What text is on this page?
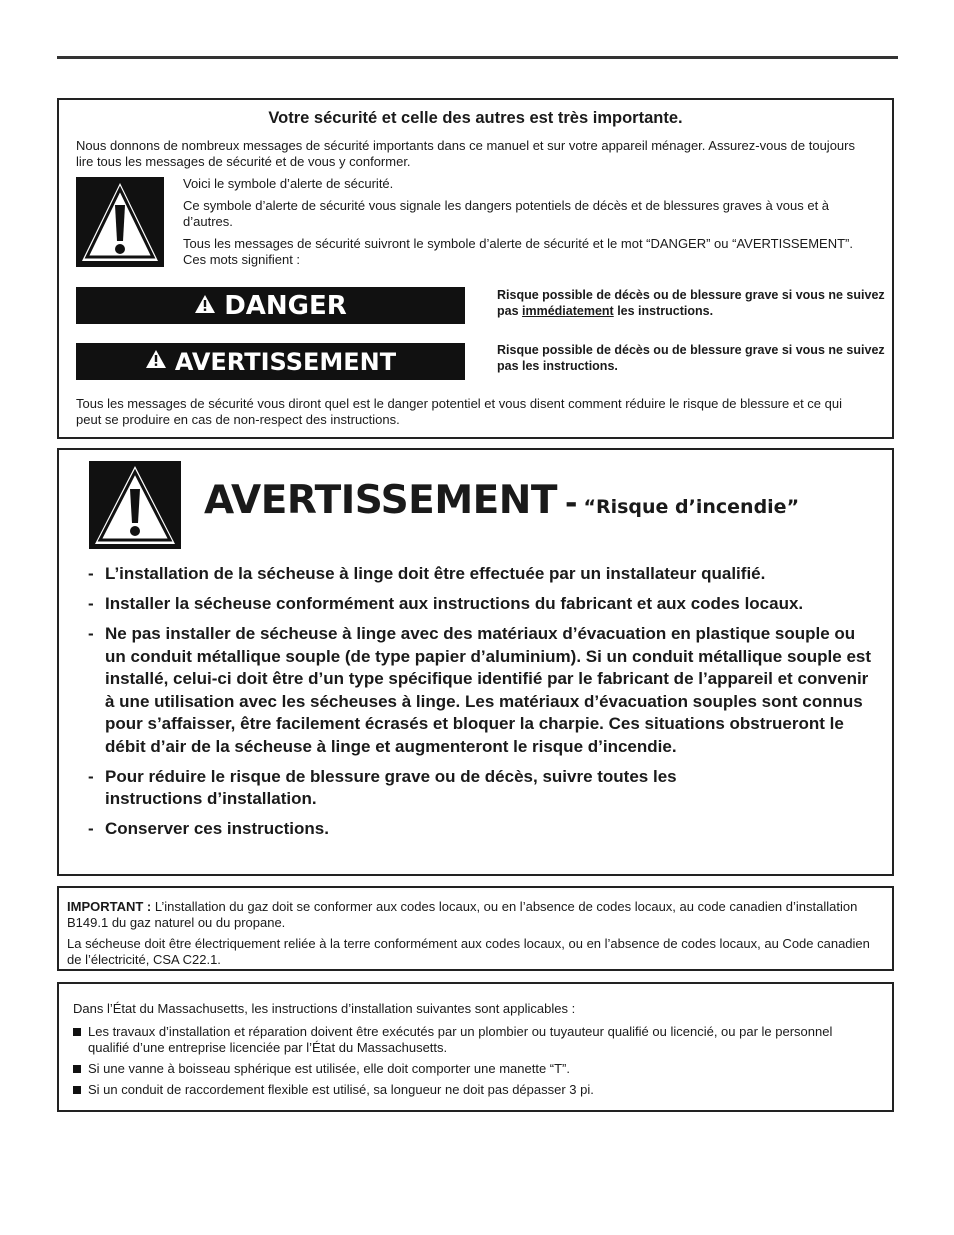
Votre sécurité et celle des autres est très importante.
Nous donnons de nombreux messages de sécurité importants dans ce manuel et sur votre appareil ménager. Assurez-vous de toujours lire tous les messages de sécurité et de vous y conformer.

Voici le symbole d’alerte de sécurité.

Ce symbole d’alerte de sécurité vous signale les dangers potentiels de décès et de blessures graves à vous et à d’autres.

Tous les messages de sécurité suivront le symbole d’alerte de sécurité et le mot “DANGER” ou “AVERTISSEMENT”. Ces mots signifient :

DANGER	Risque possible de décès ou de blessure grave si vous ne suivez pas immédiatement les instructions.
AVERTISSEMENT	Risque possible de décès ou de blessure grave si vous ne suivez pas les instructions.
Tous les messages de sécurité vous diront quel est le danger potentiel et vous disent comment réduire le risque de blessure et ce qui peut se produire en cas de non-respect des instructions.
AVERTISSEMENT - “Risque d’incendie”
- L’installation de la sécheuse à linge doit être effectuée par un installateur qualifié.
- Installer la sécheuse conformément aux instructions du fabricant et aux codes locaux.
- Ne pas installer de sécheuse à linge avec des matériaux d’évacuation en plastique souple ou un conduit métallique souple (de type papier d’aluminium). Si un conduit métallique souple est installé, celui-ci doit être d’un type spécifique identifié par le fabricant de l’appareil et convenir à une utilisation avec les sécheuses à linge. Les matériaux d’évacuation souples sont connus pour s’affaisser, être facilement écrasés et bloquer la charpie. Ces situations obstrueront le débit d’air de la sécheuse à linge et augmenteront le risque d’incendie.
- Pour réduire le risque de blessure grave ou de décès, suivre toutes les instructions d’installation.
- Conserver ces instructions.
IMPORTANT : L’installation du gaz doit se conformer aux codes locaux, ou en l’absence de codes locaux, au code canadien d’installation B149.1 du gaz naturel ou du propane.
La sécheuse doit être électriquement reliée à la terre conformément aux codes locaux, ou en l’absence de codes locaux, au Code canadien de l’électricité, CSA C22.1.
Dans l’État du Massachusetts, les instructions d’installation suivantes sont applicables :
Les travaux d’installation et réparation doivent être exécutés par un plombier ou tuyauteur qualifié ou licencié, ou par le personnel qualifié d’une entreprise licenciée par l’État du Massachusetts.
Si une vanne à boisseau sphérique est utilisée, elle doit comporter une manette “T”.
Si un conduit de raccordement flexible est utilisé, sa longueur ne doit pas dépasser 3 pi.
